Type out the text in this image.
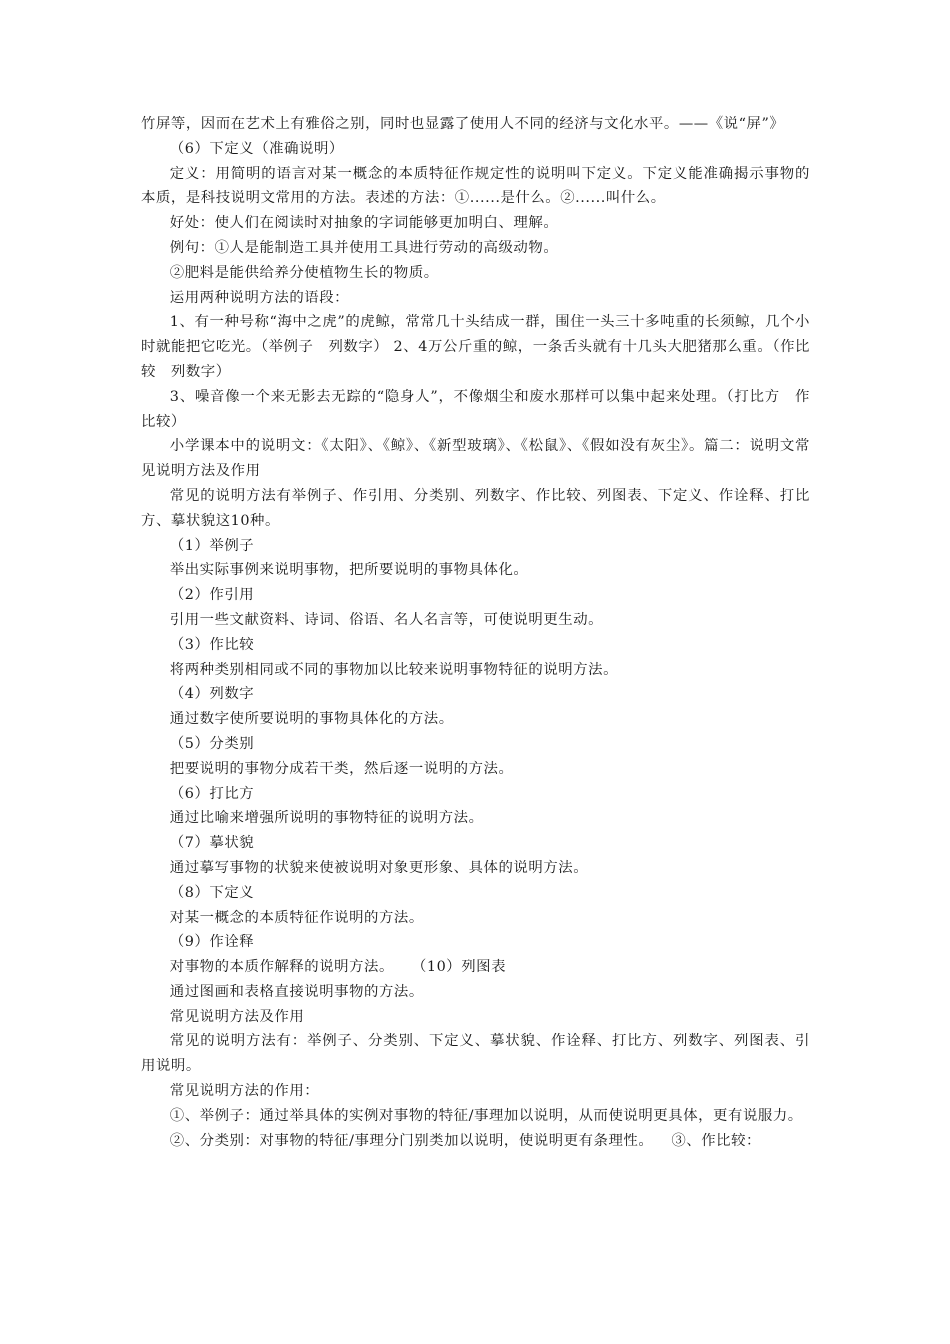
竹屏等，因而在艺术上有雅俗之别，同时也显露了使用人不同的经济与文化水平。——《说“屏”》

（6）下定义（准确说明）

定义：用简明的语言对某一概念的本质特征作规定性的说明叫下定义。下定义能准确揭示事物的本质，是科技说明文常用的方法。表述的方法：①......是什么。②......叫什么。

好处：使人们在阅读时对抽象的字词能够更加明白、理解。

例句：①人是能制造工具并使用工具进行劳动的高级动物。

②肥料是能供给养分使植物生长的物质。

运用两种说明方法的语段：

1、有一种号称“海中之虎”的虎鲸，常常几十头结成一群，围住一头三十多吨重的长须鲸，几个小时就能把它吃光。（举例子　列数字） 2、4万公斤重的鲸，一条舌头就有十几头大肥猪那么重。（作比较　列数字）

3、噪音像一个来无影去无踪的“隐身人”，不像烟尘和废水那样可以集中起来处理。（打比方　作比较）

小学课本中的说明文：《太阳》、《鲸》、《新型玻璃》、《松鼠》、《假如没有灰尘》。篇二：说明文常见说明方法及作用

常见的说明方法有举例子、作引用、分类别、列数字、作比较、列图表、下定义、作诠释、打比方、摹状貌这10种。

（1）举例子

举出实际事例来说明事物，把所要说明的事物具体化。

（2）作引用

引用一些文献资料、诗词、俗语、名人名言等，可使说明更生动。

（3）作比较

将两种类别相同或不同的事物加以比较来说明事物特征的说明方法。

（4）列数字

通过数字使所要说明的事物具体化的方法。

（5）分类别

把要说明的事物分成若干类，然后逐一说明的方法。

（6）打比方

通过比喻来增强所说明的事物特征的说明方法。

（7）摹状貌

通过摹写事物的状貌来使被说明对象更形象、具体的说明方法。

（8）下定义

对某一概念的本质特征作说明的方法。

（9）作诠释

对事物的本质作解释的说明方法。 （10）列图表

通过图画和表格直接说明事物的方法。

常见说明方法及作用

常见的说明方法有：举例子、分类别、下定义、摹状貌、作诠释、打比方、列数字、列图表、引用说明。

常见说明方法的作用：

①、举例子：通过举具体的实例对事物的特征/事理加以说明，从而使说明更具体，更有说服力。

②、分类别：对事物的特征/事理分门别类加以说明，使说明更有条理性。 ③、作比较：
